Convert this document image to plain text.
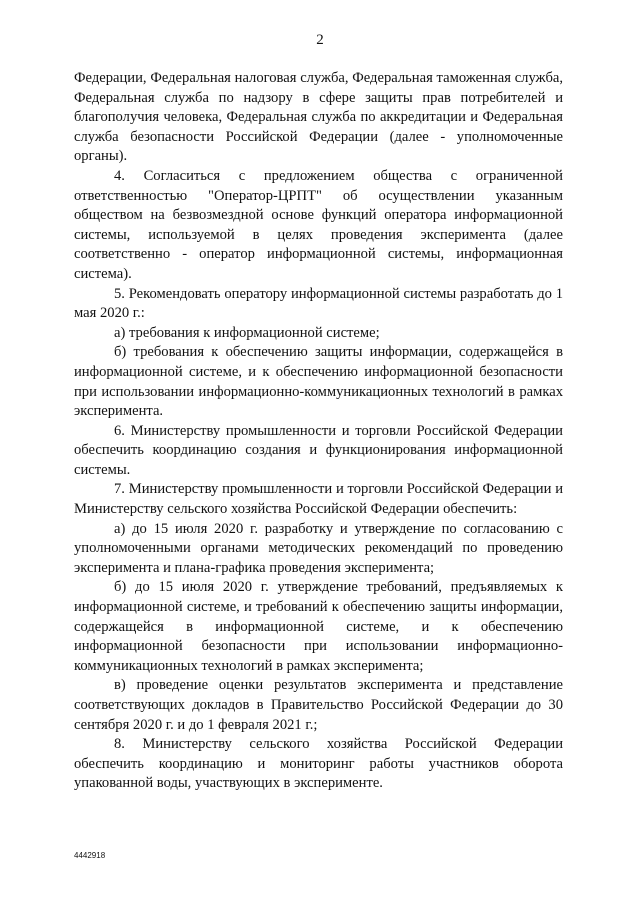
2

Федерации, Федеральная налоговая служба, Федеральная таможенная служба, Федеральная служба по надзору в сфере защиты прав потребителей и благополучия человека, Федеральная служба по аккредитации и Федеральная служба безопасности Российской Федерации (далее - уполномоченные органы).

4. Согласиться с предложением общества с ограниченной ответственностью "Оператор-ЦРПТ" об осуществлении указанным обществом на безвозмездной основе функций оператора информационной системы, используемой в целях проведения эксперимента (далее соответственно - оператор информационной системы, информационная система).

5. Рекомендовать оператору информационной системы разработать до 1 мая 2020 г.:

а) требования к информационной системе;

б) требования к обеспечению защиты информации, содержащейся в информационной системе, и к обеспечению информационной безопасности при использовании информационно-коммуникационных технологий в рамках эксперимента.

6. Министерству промышленности и торговли Российской Федерации обеспечить координацию создания и функционирования информационной системы.

7. Министерству промышленности и торговли Российской Федерации и Министерству сельского хозяйства Российской Федерации обеспечить:

а) до 15 июля 2020 г. разработку и утверждение по согласованию с уполномоченными органами методических рекомендаций по проведению эксперимента и плана-графика проведения эксперимента;

б) до 15 июля 2020 г. утверждение требований, предъявляемых к информационной системе, и требований к обеспечению защиты информации, содержащейся в информационной системе, и к обеспечению информационной безопасности при использовании информационно-коммуникационных технологий в рамках эксперимента;

в) проведение оценки результатов эксперимента и представление соответствующих докладов в Правительство Российской Федерации до 30 сентября 2020 г. и до 1 февраля 2021 г.;

8. Министерству сельского хозяйства Российской Федерации обеспечить координацию и мониторинг работы участников оборота упакованной воды, участвующих в эксперименте.

4442918
